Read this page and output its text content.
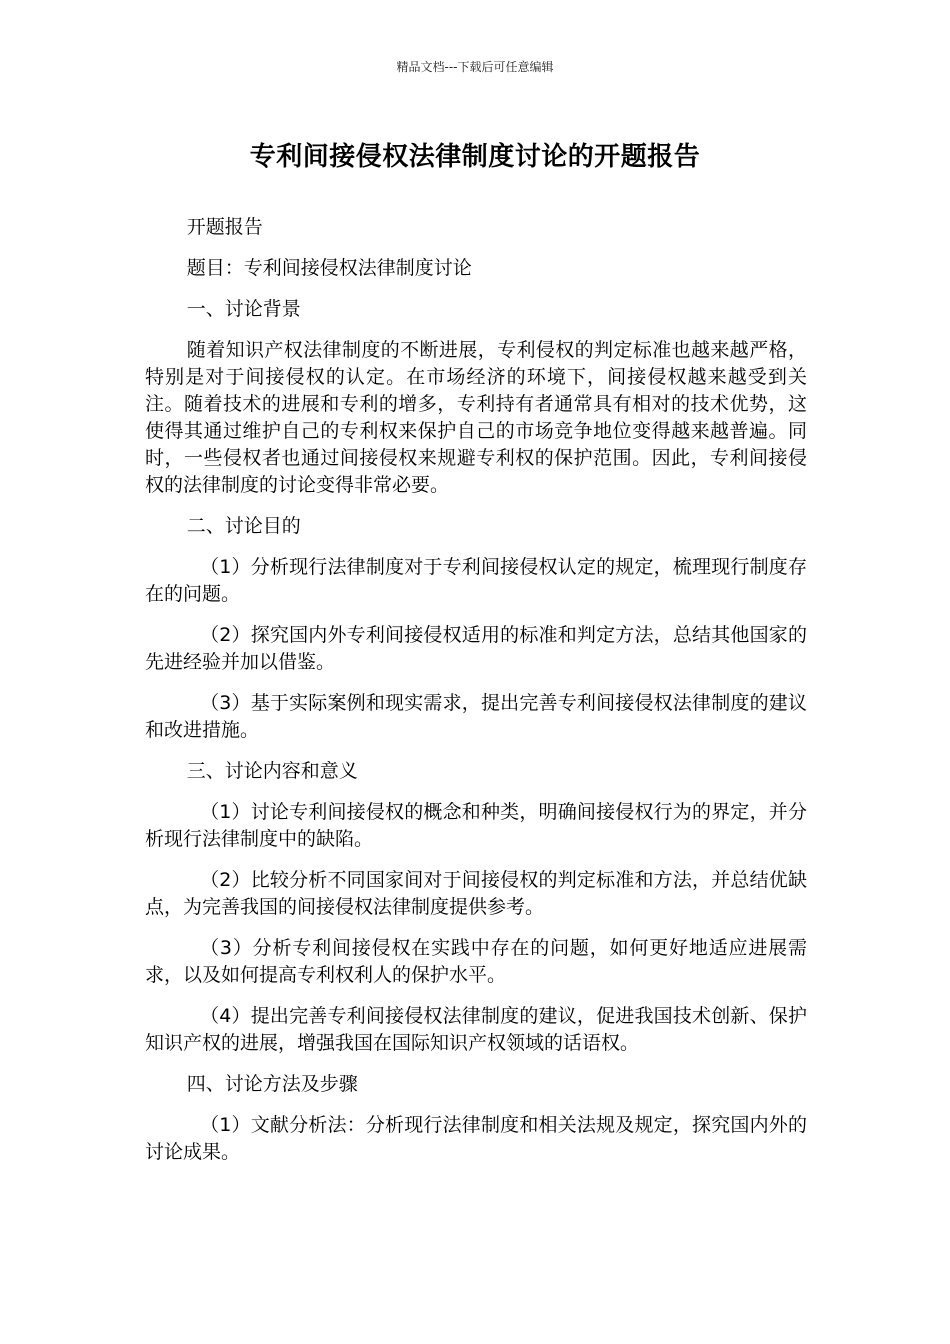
精品文档---下载后可任意编辑
专利间接侵权法律制度讨论的开题报告

开题报告

题目：专利间接侵权法律制度讨论

一、讨论背景

随着知识产权法律制度的不断进展，专利侵权的判定标准也越来越严格，特别是对于间接侵权的认定。在市场经济的环境下，间接侵权越来越受到关注。随着技术的进展和专利的增多，专利持有者通常具有相对的技术优势，这使得其通过维护自己的专利权来保护自己的市场竞争地位变得越来越普遍。同时，一些侵权者也通过间接侵权来规避专利权的保护范围。因此，专利间接侵权的法律制度的讨论变得非常必要。

二、讨论目的

（1）分析现行法律制度对于专利间接侵权认定的规定，梳理现行制度存在的问题。

（2）探究国内外专利间接侵权适用的标准和判定方法，总结其他国家的先进经验并加以借鉴。

（3）基于实际案例和现实需求，提出完善专利间接侵权法律制度的建议和改进措施。

三、讨论内容和意义

（1）讨论专利间接侵权的概念和种类，明确间接侵权行为的界定，并分析现行法律制度中的缺陷。

（2）比较分析不同国家间对于间接侵权的判定标准和方法，并总结优缺点，为完善我国的间接侵权法律制度提供参考。

（3）分析专利间接侵权在实践中存在的问题，如何更好地适应进展需求，以及如何提高专利权利人的保护水平。

（4）提出完善专利间接侵权法律制度的建议，促进我国技术创新、保护知识产权的进展，增强我国在国际知识产权领域的话语权。

四、讨论方法及步骤

（1）文献分析法：分析现行法律制度和相关法规及规定，探究国内外的讨论成果。
